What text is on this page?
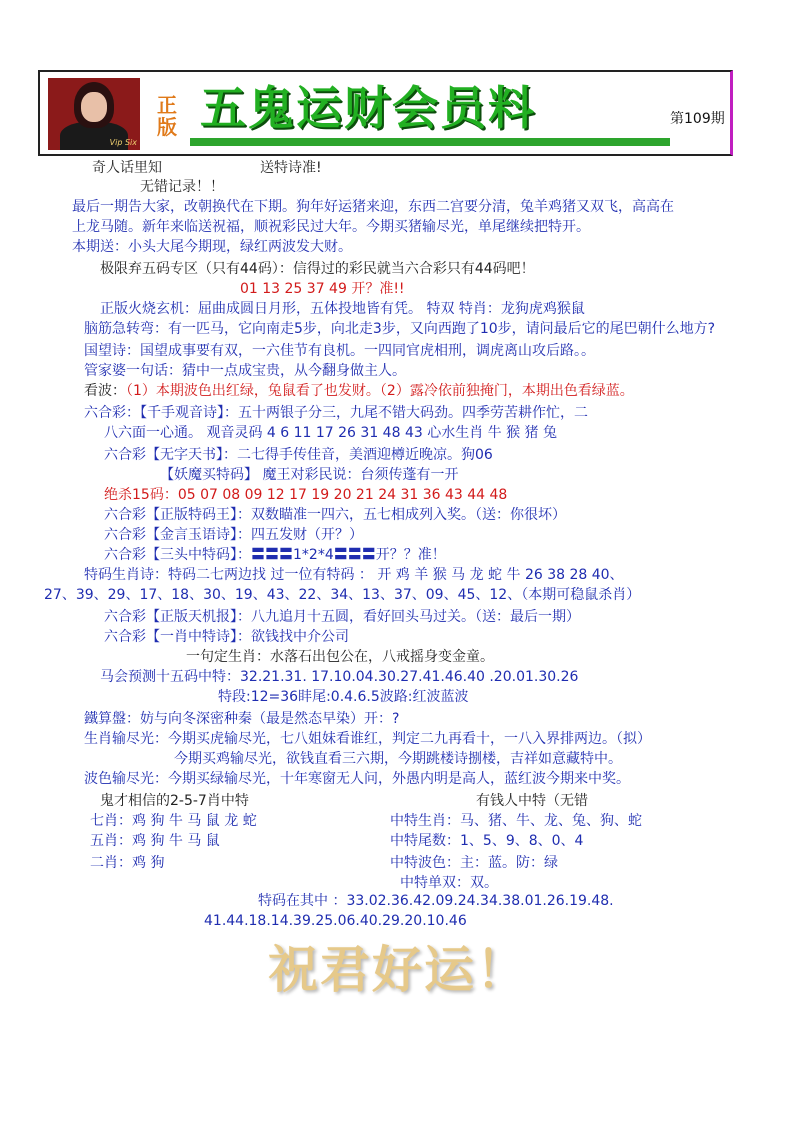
Vip Six
正版 五鬼运财会员料	第109期
奇人话里知	送特诗准!
无错记录！！
最后一期告大家，改朝换代在下期。狗年好运猪来迎，东西二宫要分清，兔羊鸡猪又双飞，高高在
上龙马随。新年来临送祝福，顺祝彩民过大年。今期买猪输尽光，单尾继续把特开。
本期送：小头大尾今期现，绿红两波发大财。
极限弃五码专区（只有44码）：信得过的彩民就当六合彩只有44码吧！
01 13 25 37 49 开？准!!
正版火烧玄机：屈曲成圆日月形，五体投地皆有凭。 特双 特肖：龙狗虎鸡猴鼠
脑筋急转弯：有一匹马，它向南走5步，向北走3步，又向西跑了10步，请问最后它的尾巴朝什么地方?
国望诗：国望成事要有双，一六佳节有良机。一四同官虎相刑，调虎离山攻后路。。
管家婆一句话：猜中一点成宝贵，从今翻身做主人。
看波：（1）本期波色出红绿，兔鼠看了也发财。（2）露冷依前独掩门，本期出色看绿蓝。
六合彩：【千手观音诗】：五十两银子分三，九尾不错大码劲。四季劳苦耕作忙，二
八六面一心通。 观音灵码 4 6 11 17 26 31 48 43 心水生肖 牛 猴 猪 兔
六合彩【无字天书】：二七得手传佳音，美酒迎樽近晚凉。狗06
【妖魔买特码】 魔王对彩民说：台须传蓬有一开
绝杀15码：05 07 08 09 12 17 19 20 21 24 31 36 43 44 48
六合彩【正版特码王】：双数瞄准一四六，五七相成列入奖。（送：你很坏）
六合彩【金言玉语诗】：四五发财（开？）
六合彩【三头中特码】：〓〓〓1*2*4〓〓〓开？？准！
特码生肖诗：特码二七两边找 过一位有特码 ： 开 鸡 羊 猴 马 龙 蛇 牛 26 38 28 40、
27、39、29、17、18、30、19、43、22、34、13、37、09、45、12、（本期可稳鼠杀肖）
六合彩【正版天机报】：八九追月十五圆，看好回头马过关。（送：最后一期）
六合彩【一肖中特诗】：欲钱找中介公司
一句定生肖：水落石出包公在，八戒摇身变金童。
马会预测十五码中特：32.21.31. 17.10.04.30.27.41.46.40 .20.01.30.26
特段:12=36盽尾:0.4.6.5波路:红波蓝波
鐵算盤：妨与向冬深密种秦（最是然态早染）开：?
生肖输尽光：今期买虎输尽光，七八姐妹看谁红，判定二九再看十，一八入界排两边。（拟）
今期买鸡输尽光，欲钱直看三六期，今期跳楼诗捌楼，吉祥如意藏特中。
波色输尽光：今期买绿输尽光，十年寒窗无人问，外愚内明是高人，蓝红波今期来中奖。
鬼才相信的2-5-7肖中特	有钱人中特（无错
七肖：鸡 狗 牛 马 鼠 龙 蛇	中特生肖：马、猪、牛、龙、兔、狗、蛇
五肖：鸡 狗 牛 马 鼠	中特尾数：1、5、9、8、0、4
二肖：鸡 狗	中特波色：主：蓝。防：绿
中特单双：双。
特码在其中 ：33.02.36.42.09.24.34.38.01.26.19.48.
41.44.18.14.39.25.06.40.29.20.10.46
祝君好运！
